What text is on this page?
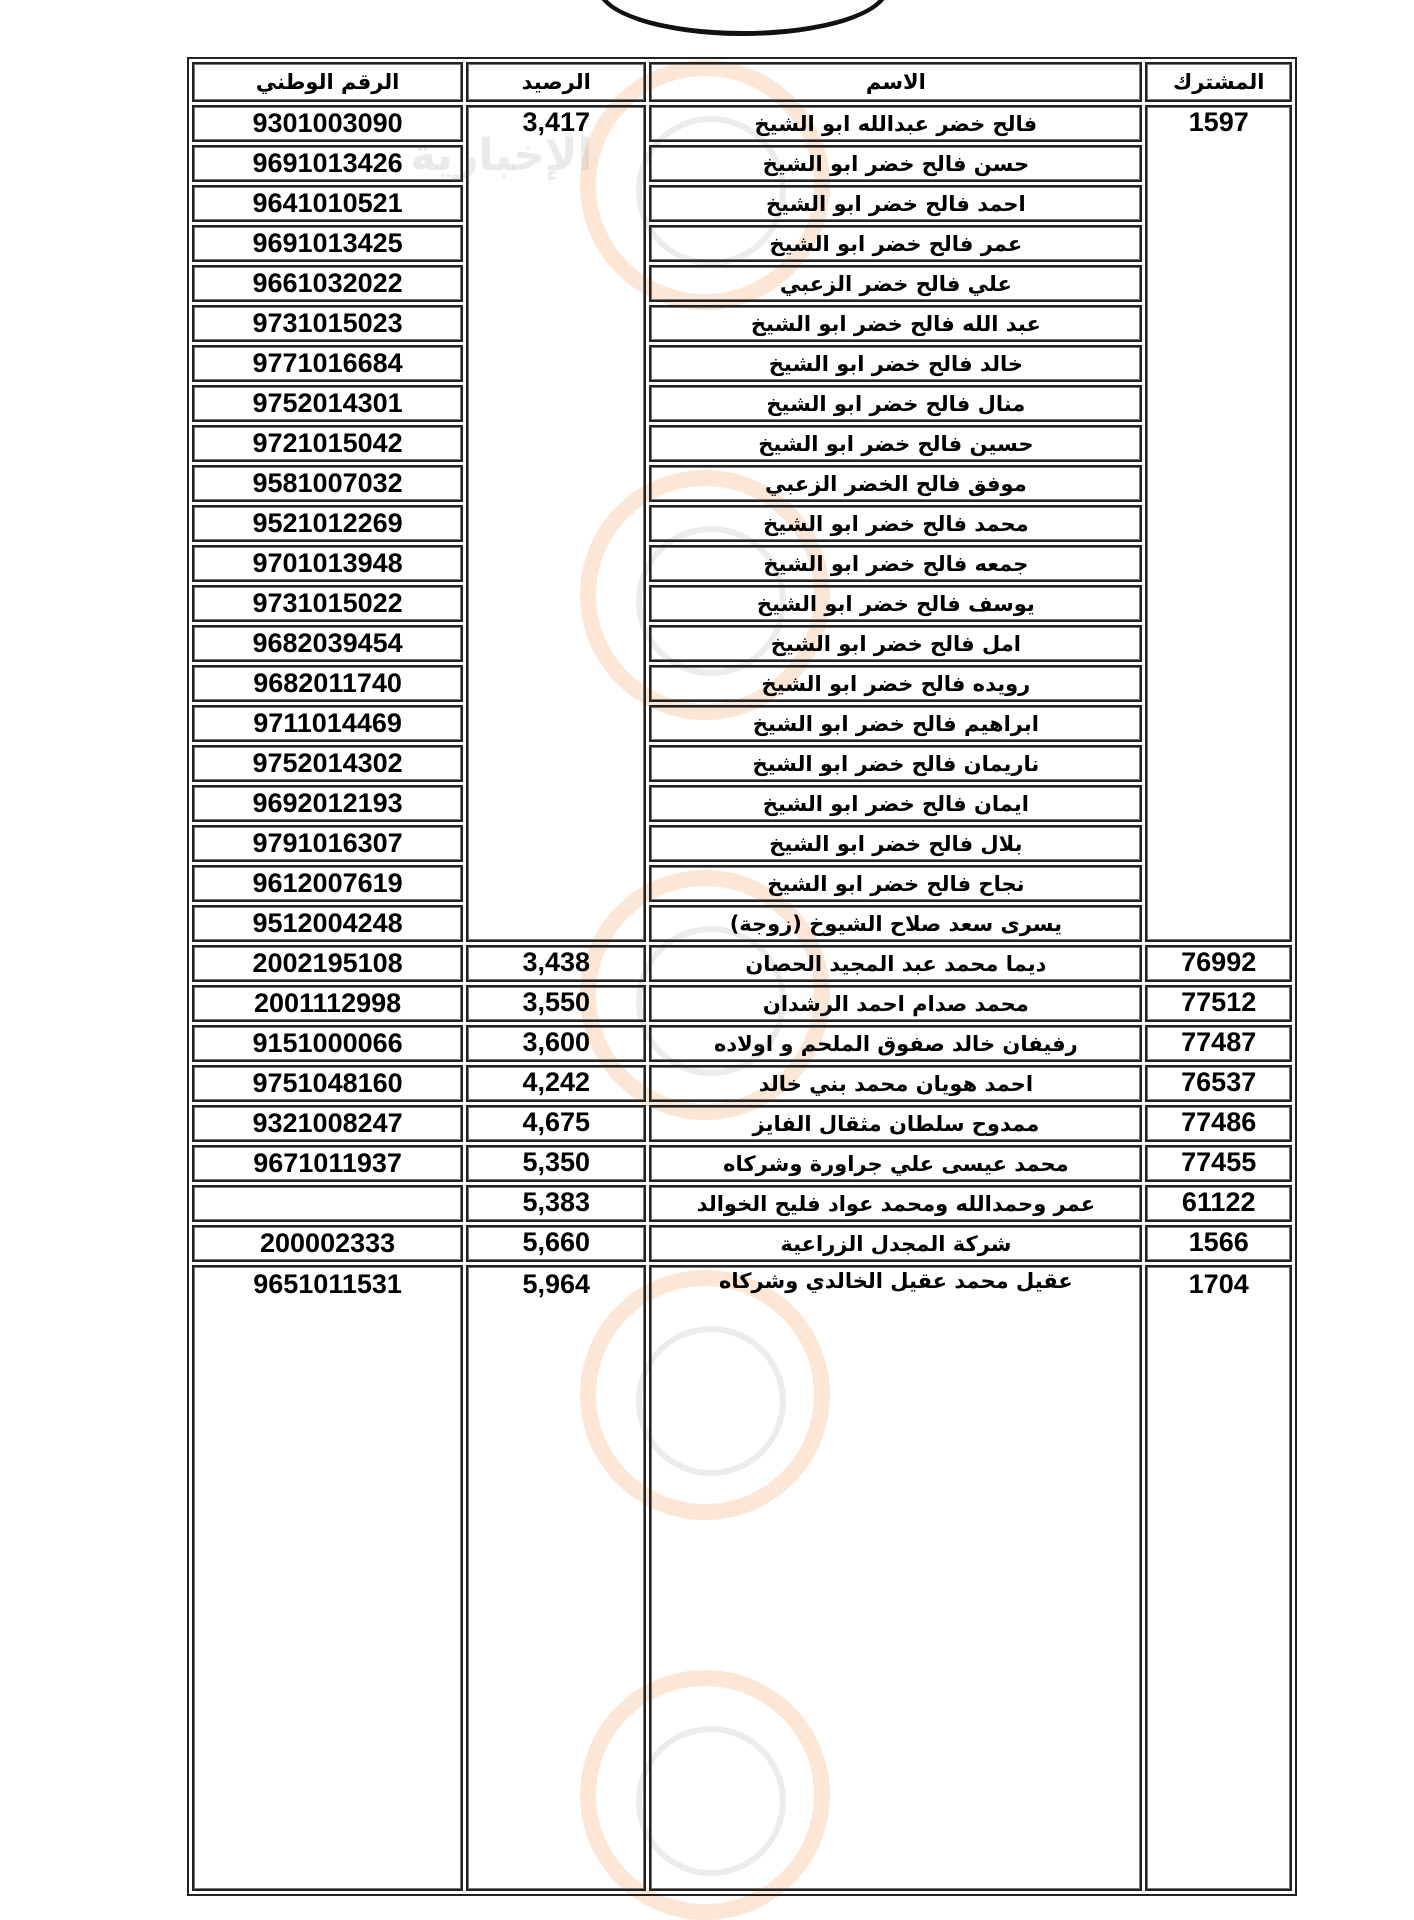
الإخبارية
المشترك	الاسم	الرصيد	الرقم الوطني
1597	فالح خضر عبدالله ابو الشيخ	3,417	9301003090
	حسن فالح خضر ابو الشيخ		9691013426
	احمد فالح خضر ابو الشيخ		9641010521
	عمر فالح خضر ابو الشيخ		9691013425
	علي فالح خضر الزعبي		9661032022
	عبد الله فالح خضر ابو الشيخ		9731015023
	خالد فالح خضر ابو الشيخ		9771016684
	منال فالح خضر ابو الشيخ		9752014301
	حسين فالح خضر ابو الشيخ		9721015042
	موفق فالح الخضر الزعبي		9581007032
	محمد فالح خضر ابو الشيخ		9521012269
	جمعه فالح خضر ابو الشيخ		9701013948
	يوسف فالح خضر ابو الشيخ		9731015022
	امل فالح خضر ابو الشيخ		9682039454
	رويده فالح خضر ابو الشيخ		9682011740
	ابراهيم فالح خضر ابو الشيخ		9711014469
	ناريمان فالح خضر ابو الشيخ		9752014302
	ايمان فالح خضر ابو الشيخ		9692012193
	بلال فالح خضر ابو الشيخ		9791016307
	نجاح فالح خضر ابو الشيخ		9612007619
	يسرى سعد صلاح الشيوخ (زوجة)		9512004248
76992	ديما محمد عبد المجيد الحصان	3,438	2002195108
77512	محمد صدام احمد الرشدان	3,550	2001112998
77487	رفيفان خالد صفوق الملحم و اولاده	3,600	9151000066
76537	احمد هويان محمد بني خالد	4,242	9751048160
77486	ممدوح سلطان مثقال الفايز	4,675	9321008247
77455	محمد عيسى علي جراورة وشركاه	5,350	9671011937
61122	عمر وحمدالله ومحمد عواد فليح الخوالد	5,383	
1566	شركة المجدل الزراعية	5,660	200002333
1704	عقيل محمد عقيل الخالدي وشركاه	5,964	9651011531
